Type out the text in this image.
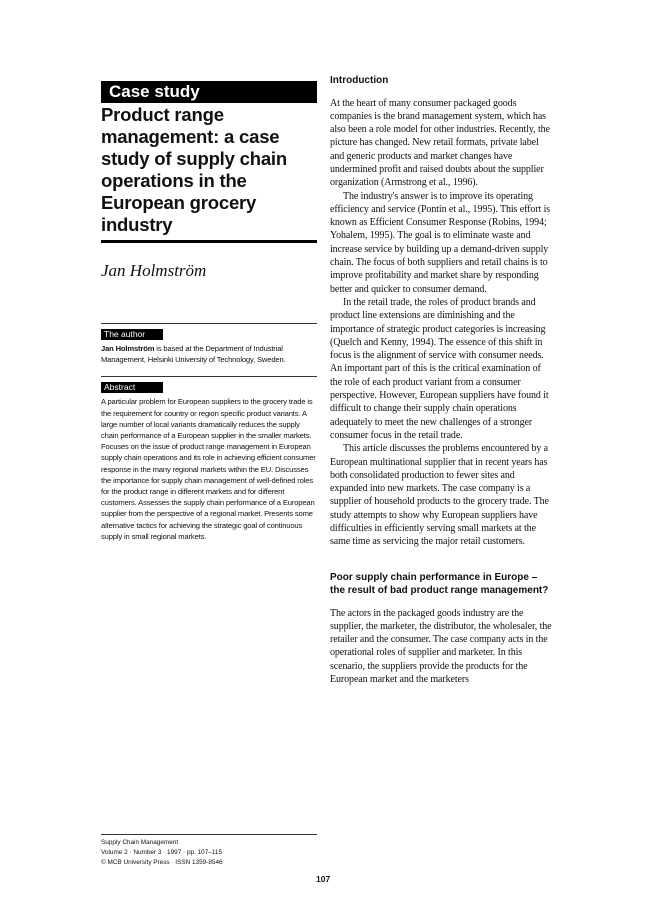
Case study

Product range

management: a case

study of supply chain

operations in the

European grocery

industry

Jan Holmström
The author

Jan Holmström is based at the Department of Industrial Management, Helsinki University of Technology, Sweden.

Abstract

A particular problem for European suppliers to the grocery trade is the requirement for country or region specific product variants. A large number of local variants dramatically reduces the supply chain performance of a European supplier in the smaller markets. Focuses on the issue of product range management in European supply chain operations and its role in achieving efficient consumer response in the many regional markets within the EU. Discusses the importance for supply chain management of well-defined roles for the product range in different markets and for different customers. Assesses the supply chain performance of a European supplier from the perspective of a regional market. Presents some alternative tactics for achieving the strategic goal of continuous supply in small regional markets.

Supply Chain Management
Volume 2 · Number 3 · 1997 · pp. 107–115
© MCB University Press · ISSN 1359-8546
Introduction

At the heart of many consumer packaged goods companies is the brand management system, which has also been a role model for other industries. Recently, the picture has changed. New retail formats, private label and generic products and market changes have undermined profit and raised doubts about the supplier organization (Armstrong et al., 1996).

The industry's answer is to improve its operating efficiency and service (Pontin et al., 1995). This effort is known as Efficient Consumer Response (Robins, 1994; Yohalem, 1995). The goal is to eliminate waste and increase service by building up a demand-driven supply chain. The focus of both suppliers and retail chains is to improve profitability and market share by responding better and quicker to consumer demand.

In the retail trade, the roles of product brands and product line extensions are diminishing and the importance of strategic product categories is increasing (Quelch and Kenny, 1994). The essence of this shift in focus is the alignment of service with consumer needs. An important part of this is the critical examination of the role of each product variant from a consumer perspective. However, European suppliers have found it difficult to change their supply chain operations adequately to meet the new challenges of a stronger consumer focus in the retail trade.

This article discusses the problems encountered by a European multinational supplier that in recent years has both consolidated production to fewer sites and expanded into new markets. The case company is a supplier of household products to the grocery trade. The study attempts to show why European suppliers have difficulties in efficiently serving small markets at the same time as servicing the major retail customers.

Poor supply chain performance in Europe – the result of bad product range management?

The actors in the packaged goods industry are the supplier, the marketer, the distributor, the wholesaler, the retailer and the consumer. The case company acts in the operational roles of supplier and marketer. In this scenario, the suppliers provide the products for the European market and the marketers

107
